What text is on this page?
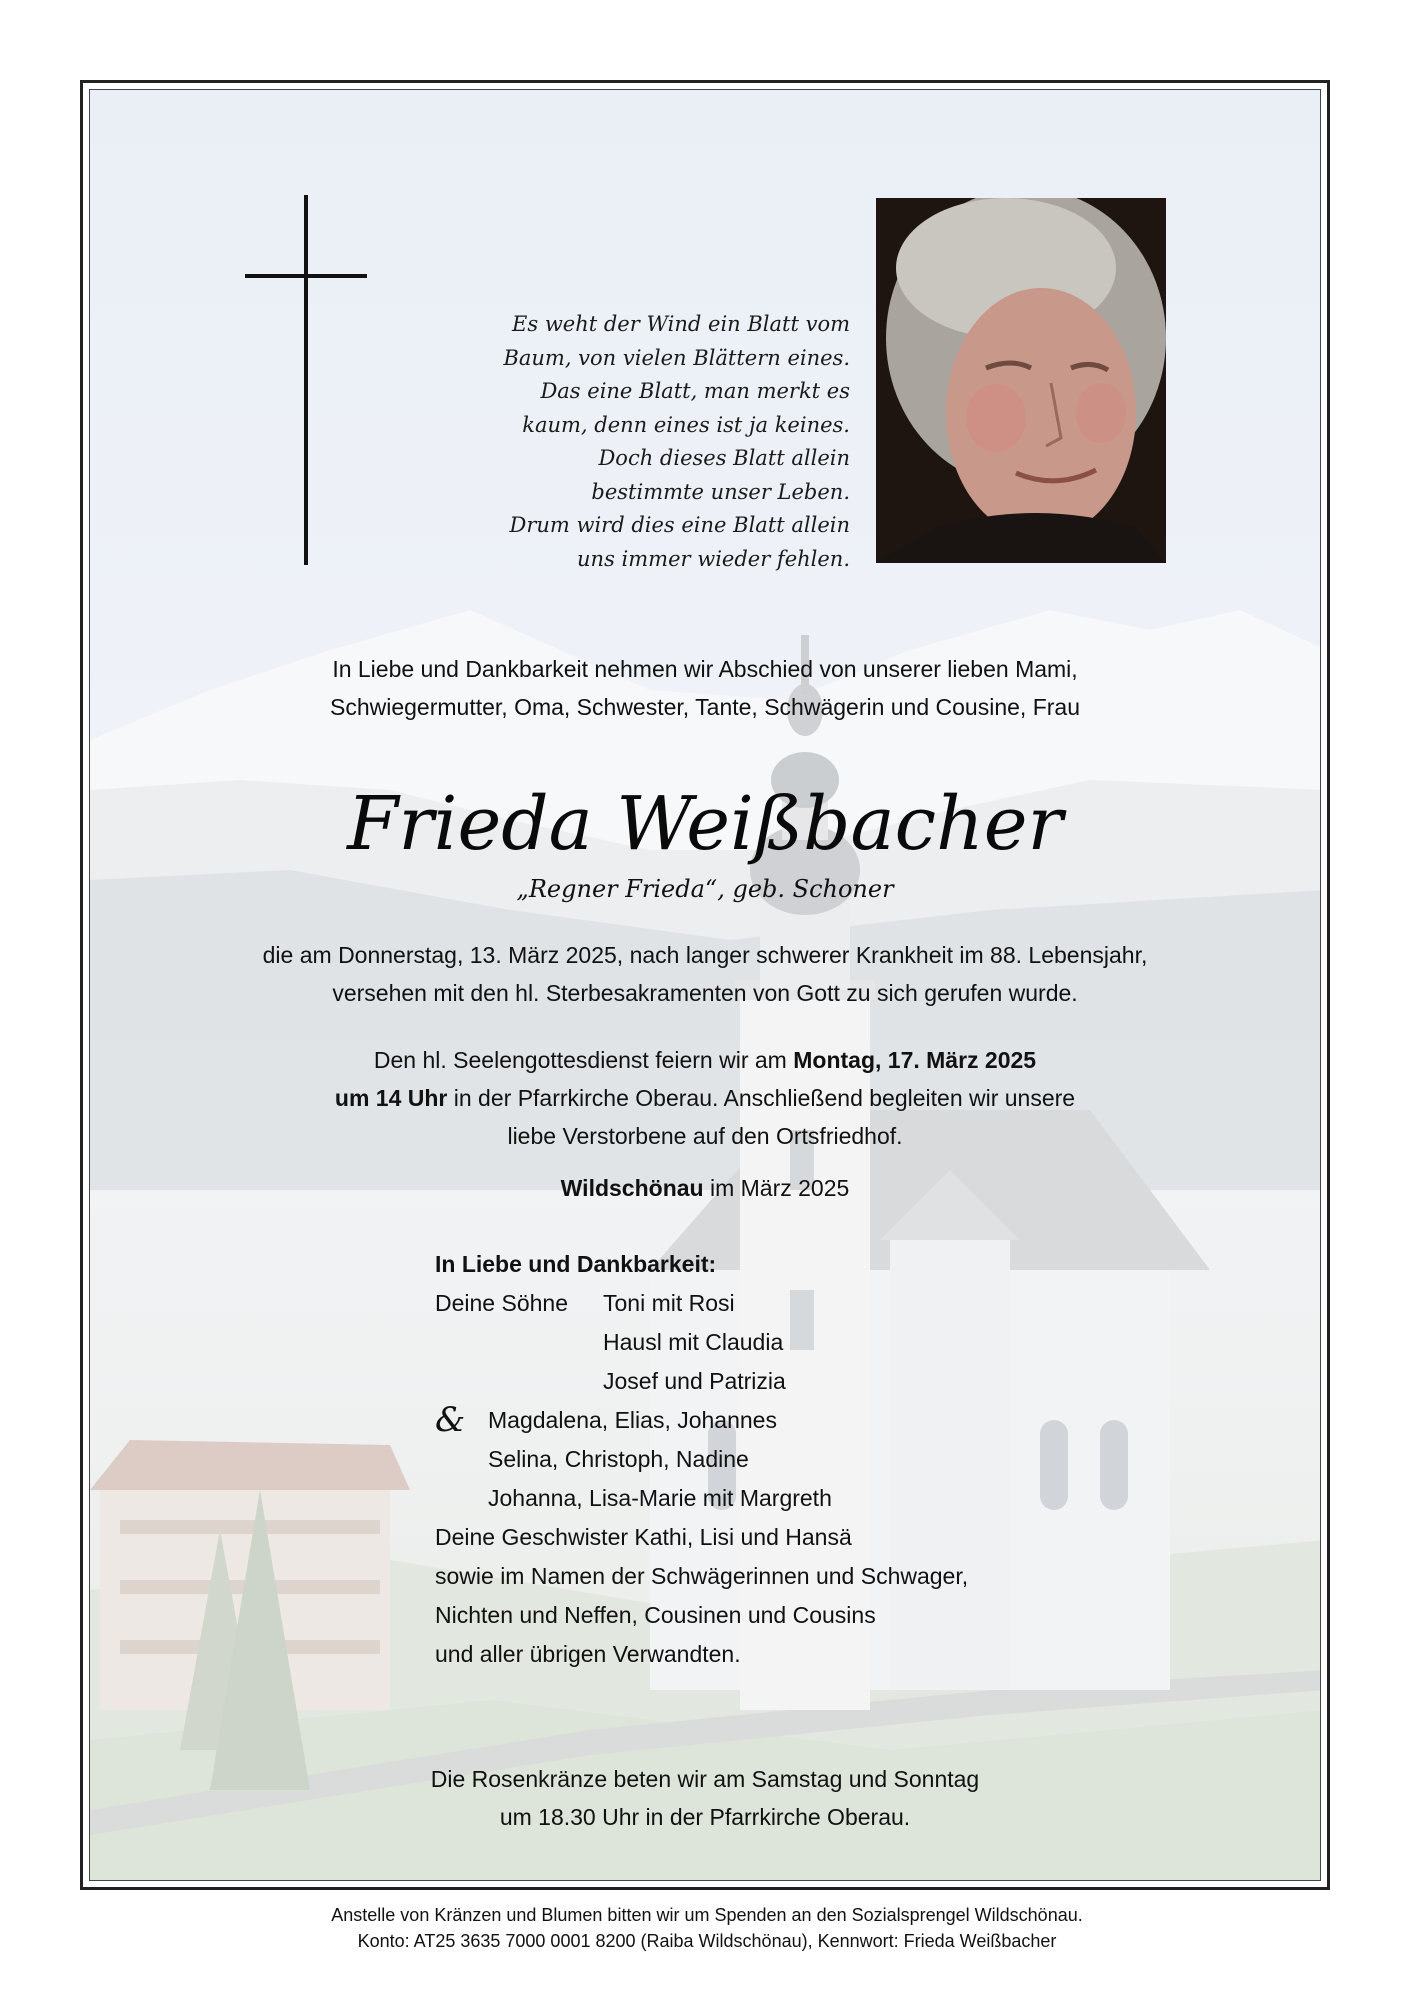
Es weht der Wind ein Blatt vom
Baum, von vielen Blättern eines.
Das eine Blatt, man merkt es
kaum, denn eines ist ja keines.
Doch dieses Blatt allein
bestimmte unser Leben.
Drum wird dies eine Blatt allein
uns immer wieder fehlen.
In Liebe und Dankbarkeit nehmen wir Abschied von unserer lieben Mami,
Schwiegermutter, Oma, Schwester, Tante, Schwägerin und Cousine, Frau
Frieda Weißbacher
„Regner Frieda“, geb. Schoner
die am Donnerstag, 13. März 2025, nach langer schwerer Krankheit im 88. Lebensjahr,
versehen mit den hl. Sterbesakramenten von Gott zu sich gerufen wurde.
Den hl. Seelengottesdienst feiern wir am Montag, 17. März 2025
um 14 Uhr in der Pfarrkirche Oberau. Anschließend begleiten wir unsere
liebe Verstorbene auf den Ortsfriedhof.
Wildschönau im März 2025
In Liebe und Dankbarkeit:
Deine Söhne	Toni mit Rosi
Hausl mit Claudia
Josef und Patrizia
& Magdalena, Elias, Johannes
Selina, Christoph, Nadine
Johanna, Lisa-Marie mit Margreth
Deine Geschwister Kathi, Lisi und Hansä
sowie im Namen der Schwägerinnen und Schwager,
Nichten und Neffen, Cousinen und Cousins
und aller übrigen Verwandten.
Die Rosenkränze beten wir am Samstag und Sonntag
um 18.30 Uhr in der Pfarrkirche Oberau.
Anstelle von Kränzen und Blumen bitten wir um Spenden an den Sozialsprengel Wildschönau.
Konto: AT25 3635 7000 0001 8200 (Raiba Wildschönau), Kennwort: Frieda Weißbacher
